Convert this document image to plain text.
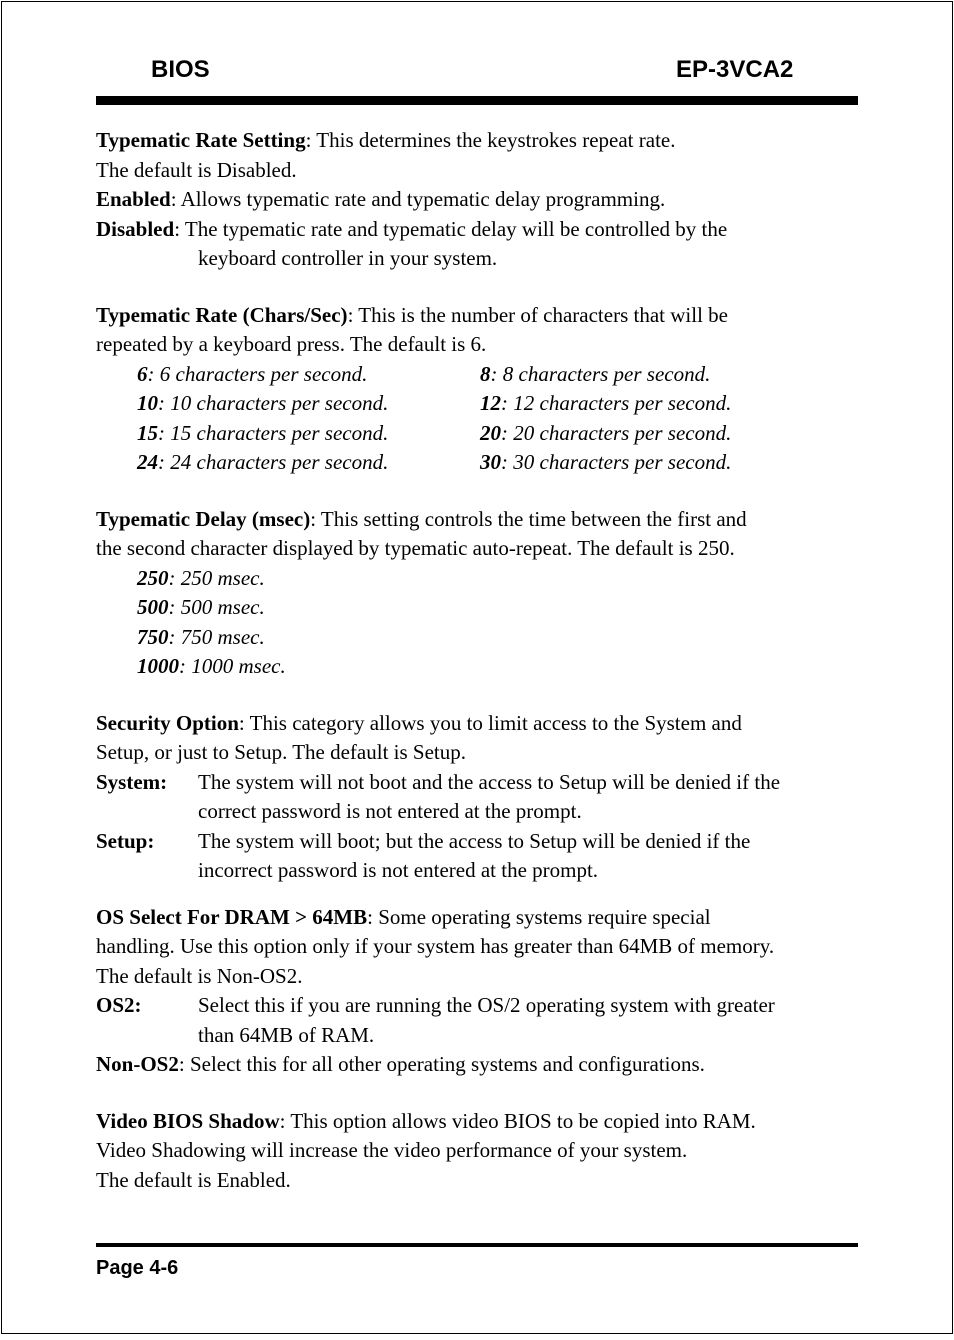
BIOS	EP-3VCA2
Typematic Rate Setting: This determines the keystrokes repeat rate.
The default is Disabled.
Enabled: Allows typematic rate and typematic delay programming.
Disabled: The typematic rate and typematic delay will be controlled by the
keyboard controller in your system.
Typematic Rate (Chars/Sec): This is the number of characters that will be
repeated by a keyboard press. The default is 6.
6: 6 characters per second.	8: 8 characters per second.
10: 10 characters per second.	12: 12 characters per second.
15: 15 characters per second.	20: 20 characters per second.
24: 24 characters per second.	30: 30 characters per second.
Typematic Delay (msec): This setting controls the time between the first and
the second character displayed by typematic auto-repeat. The default is 250.
250 : 250 msec.
500 : 500 msec.
750 : 750 msec.
1000 : 1000 msec.
Security Option: This category allows you to limit access to the System and
Setup, or just to Setup. The default is Setup.
System:	The system will not boot and the access to Setup will be denied if the
correct password is not entered at the prompt.
Setup:	The system will boot; but the access to Setup will be denied if the
incorrect password is not entered at the prompt.
OS Select For DRAM > 64MB: Some operating systems require special
handling. Use this option only if your system has greater than 64MB of memory.
The default is Non-OS2.
OS2:	Select this if you are running the OS/2 operating system with greater
than 64MB of RAM.
Non-OS2: Select this for all other operating systems and configurations.
Video BIOS Shadow: This option allows video BIOS to be copied into RAM.
Video Shadowing will increase the video performance of your system.
The default is Enabled.
Page 4-6
